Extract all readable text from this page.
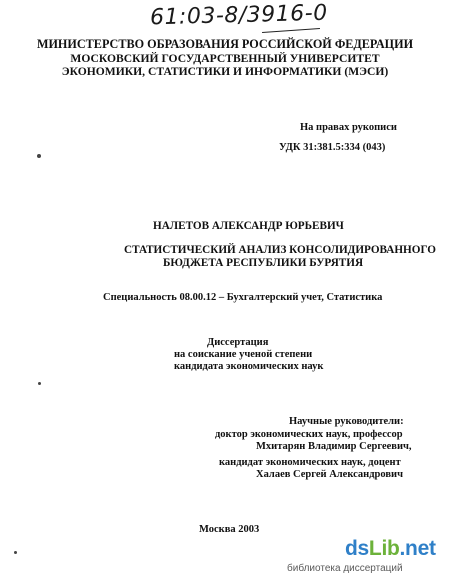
61:03-8/3916-0
МИНИСТЕРСТВО ОБРАЗОВАНИЯ РОССИЙСКОЙ ФЕДЕРАЦИИ
МОСКОВСКИЙ ГОСУДАРСТВЕННЫЙ УНИВЕРСИТЕТ
ЭКОНОМИКИ, СТАТИСТИКИ И ИНФОРМАТИКИ (МЭСИ)
На правах рукописи
УДК 31:381.5:334 (043)
НАЛЕТОВ АЛЕКСАНДР ЮРЬЕВИЧ
СТАТИСТИЧЕСКИЙ АНАЛИЗ КОНСОЛИДИРОВАННОГО
БЮДЖЕТА РЕСПУБЛИКИ БУРЯТИЯ
Специальность 08.00.12 – Бухгалтерский учет, Статистика
Диссертация
на соискание ученой степени
кандидата экономических наук
Научные руководители:
доктор экономических наук, профессор
Мхитарян Владимир Сергеевич,
кандидат экономических наук, доцент
Халаев Сергей Александрович
Москва 2003
dsLib.net
библиотека диссертаций
